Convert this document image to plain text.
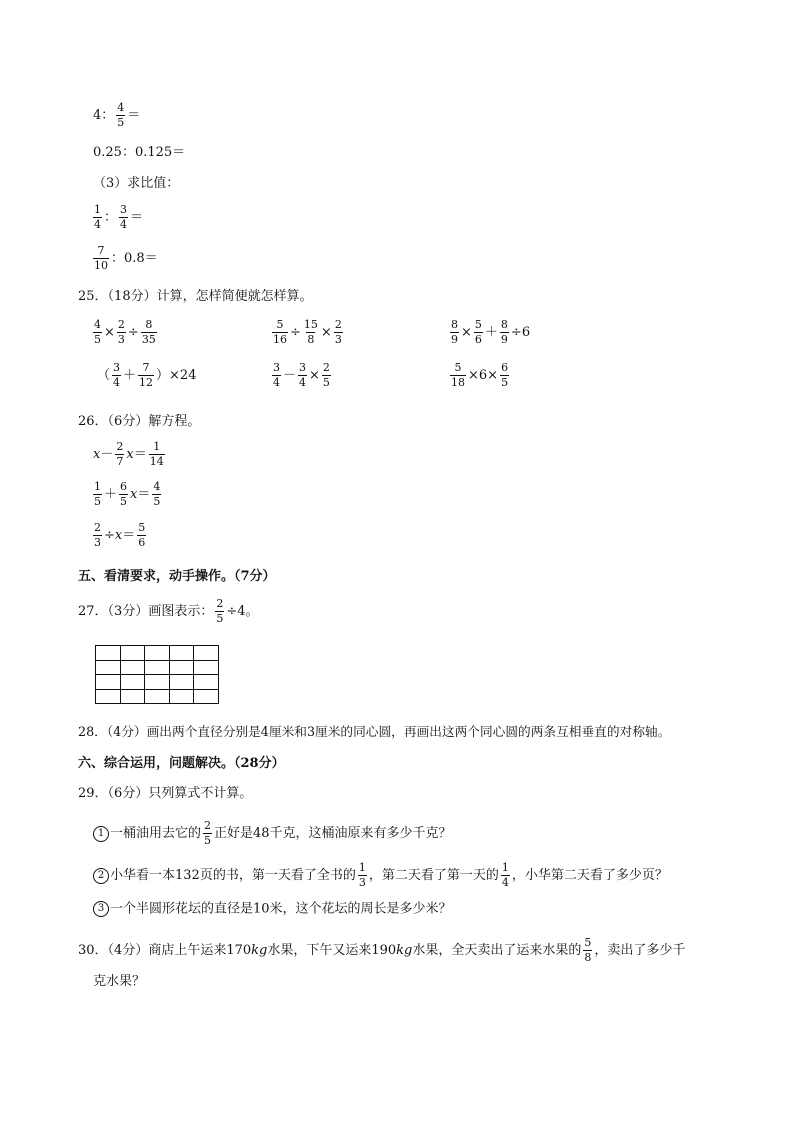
4： $\frac{4}{5}$ ＝
0.25：0.125＝
（3）求比值：
$\frac{1}{4}$ ： $\frac{3}{4}$ ＝
$\frac{7}{10}$ ：0.8＝
25．（18分）计算，怎样简便就怎样算。
$\frac{4}{5} \times \frac{2}{3} \div \frac{8}{35}$	$\frac{5}{16} \div \frac{15}{8} \times \frac{2}{3}$	$\frac{8}{9} \times \frac{5}{6} + \frac{8}{9} \div 6$
（ $\frac{3}{4} + \frac{7}{12} )\times 24$	$\frac{3}{4} - \frac{3}{4} \times \frac{2}{5}$	$\frac{5}{18} \times 6\times \frac{6}{5}$
26．（6分）解方程。
$x- \frac{2}{7} x= \frac{1}{14}$
$\frac{1}{5} + \frac{6}{5} x= \frac{4}{5}$
$\frac{2}{3} \div x= \frac{5}{6}$
五、看清要求，动手操作。（7分）
27．（3分）画图表示： $\frac{2}{5} \div 4$。

28．（4分）画出两个直径分别是4厘米和3厘米的同心圆，再画出这两个同心圆的两条互相垂直的对称轴。
六、综合运用，问题解决。（28分）
29．（6分）只列算式不计算。
1 一桶油用去它的 $\frac{2}{5}$ 正好是48千克，这桶油原来有多少千克？
2 小华看一本132页的书，第一天看了全书的 $\frac{1}{3}$ ，第二天看了第一天的 $\frac{1}{4}$ ，小华第二天看了多少页？
3 一个半圆形花坛的直径是10米，这个花坛的周长是多少米？
30．（4分）商店上午运来170kg水果，下午又运来190kg水果，全天卖出了运来水果的 $\frac{5}{8}$ ，卖出了多少千
克水果？
